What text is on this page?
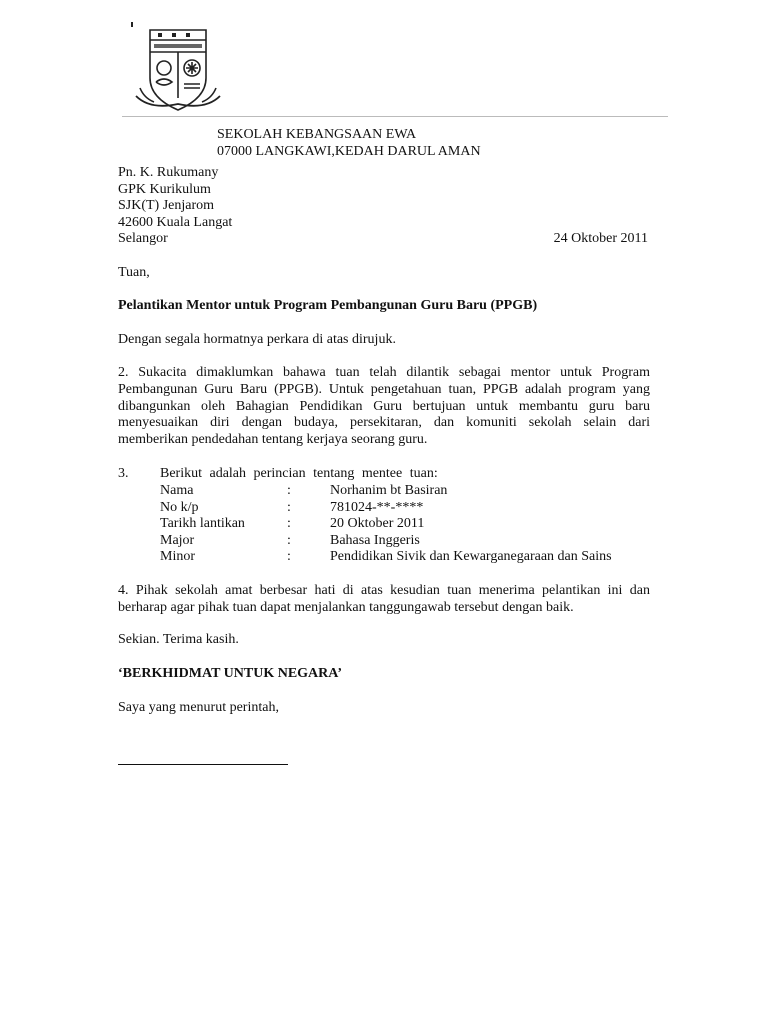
SEKOLAH KEBANGSAAN EWA
07000 LANGKAWI,KEDAH DARUL AMAN
Pn. K. Rukumany
GPK Kurikulum
SJK(T) Jenjarom
42600 Kuala Langat
Selangor	24 Oktober 2011
Tuan,
Pelantikan Mentor untuk Program Pembangunan Guru Baru (PPGB)
Dengan segala hormatnya perkara di atas dirujuk.
2. Sukacita dimaklumkan bahawa tuan telah dilantik sebagai mentor untuk Program
Pembangunan Guru Baru (PPGB). Untuk pengetahuan tuan, PPGB adalah program yang
dibangunkan oleh Bahagian Pendidikan Guru bertujuan untuk membantu guru baru
menyesuaikan diri dengan budaya, persekitaran, dan komuniti sekolah selain dari
memberikan pendedahan tentang kerjaya seorang guru.
3. Berikut adalah perincian tentang mentee tuan:
Nama	:	Norhanim bt Basiran
No k/p	:	781024-**-****
Tarikh lantikan	:	20 Oktober 2011
Major	:	Bahasa Inggeris
Minor	:	Pendidikan Sivik dan Kewarganegaraan dan Sains
4. Pihak sekolah amat berbesar hati di atas kesudian tuan menerima pelantikan ini dan
berharap agar pihak tuan dapat menjalankan tanggungawab tersebut dengan baik.
Sekian. Terima kasih.
‘BERKHIDMAT UNTUK NEGARA’
Saya yang menurut perintah,
